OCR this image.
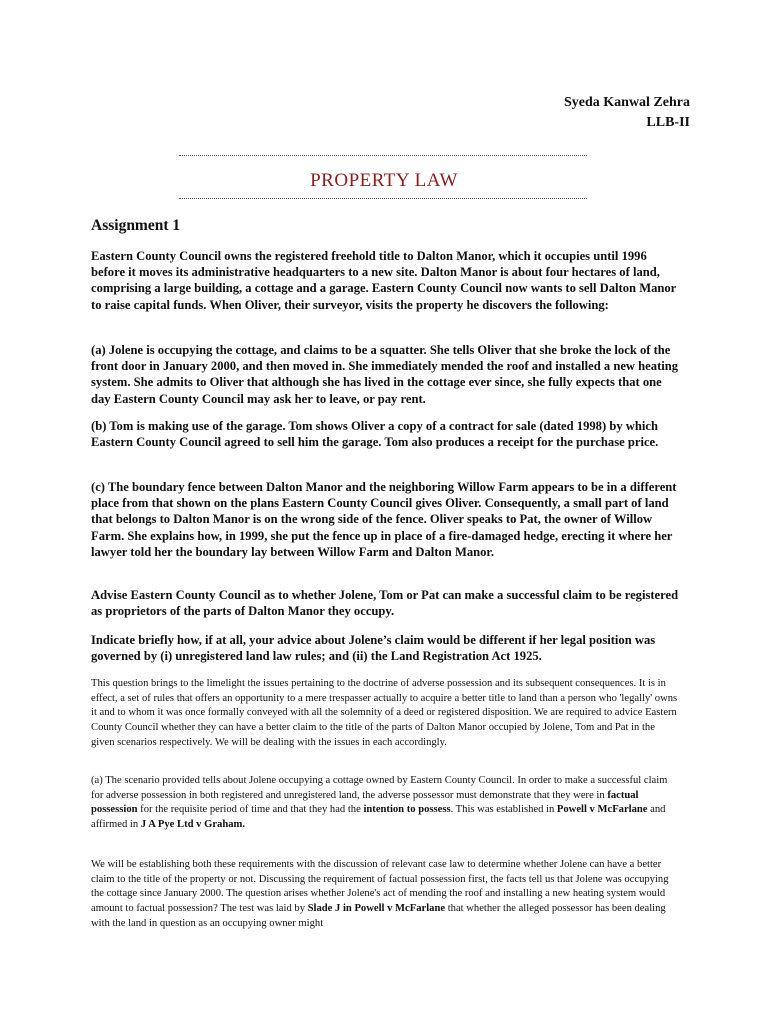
Syeda Kanwal Zehra
LLB-II
PROPERTY LAW
Assignment 1
Eastern County Council owns the registered freehold title to Dalton Manor, which it occupies until 1996 before it moves its administrative headquarters to a new site. Dalton Manor is about four hectares of land, comprising a large building, a cottage and a garage. Eastern County Council now wants to sell Dalton Manor to raise capital funds. When Oliver, their surveyor, visits the property he discovers the following:
(a) Jolene is occupying the cottage, and claims to be a squatter. She tells Oliver that she broke the lock of the front door in January 2000, and then moved in. She immediately mended the roof and installed a new heating system. She admits to Oliver that although she has lived in the cottage ever since, she fully expects that one day Eastern County Council may ask her to leave, or pay rent.
(b) Tom is making use of the garage. Tom shows Oliver a copy of a contract for sale (dated 1998) by which Eastern County Council agreed to sell him the garage. Tom also produces a receipt for the purchase price.
(c) The boundary fence between Dalton Manor and the neighboring Willow Farm appears to be in a different place from that shown on the plans Eastern County Council gives Oliver. Consequently, a small part of land that belongs to Dalton Manor is on the wrong side of the fence. Oliver speaks to Pat, the owner of Willow Farm. She explains how, in 1999, she put the fence up in place of a fire-damaged hedge, erecting it where her lawyer told her the boundary lay between Willow Farm and Dalton Manor.
Advise Eastern County Council as to whether Jolene, Tom or Pat can make a successful claim to be registered as proprietors of the parts of Dalton Manor they occupy.
Indicate briefly how, if at all, your advice about Jolene’s claim would be different if her legal position was governed by (i) unregistered land law rules; and (ii) the Land Registration Act 1925.
This question brings to the limelight the issues pertaining to the doctrine of adverse possession and its subsequent consequences. It is in effect, a set of rules that offers an opportunity to a mere trespasser actually to acquire a better title to land than a person who 'legally' owns it and to whom it was once formally conveyed with all the solemnity of a deed or registered disposition. We are required to advice Eastern County Council whether they can have a better claim to the title of the parts of Dalton Manor occupied by Jolene, Tom and Pat in the given scenarios respectively. We will be dealing with the issues in each accordingly.
(a) The scenario provided tells about Jolene occupying a cottage owned by Eastern County Council. In order to make a successful claim for adverse possession in both registered and unregistered land, the adverse possessor must demonstrate that they were in factual possession for the requisite period of time and that they had the intention to possess. This was established in Powell v McFarlane and affirmed in J A Pye Ltd v Graham.
We will be establishing both these requirements with the discussion of relevant case law to determine whether Jolene can have a better claim to the title of the property or not. Discussing the requirement of factual possession first, the facts tell us that Jolene was occupying the cottage since January 2000. The question arises whether Jolene's act of mending the roof and installing a new heating system would amount to factual possession? The test was laid by Slade J in Powell v McFarlane that whether the alleged possessor has been dealing with the land in question as an occupying owner might
